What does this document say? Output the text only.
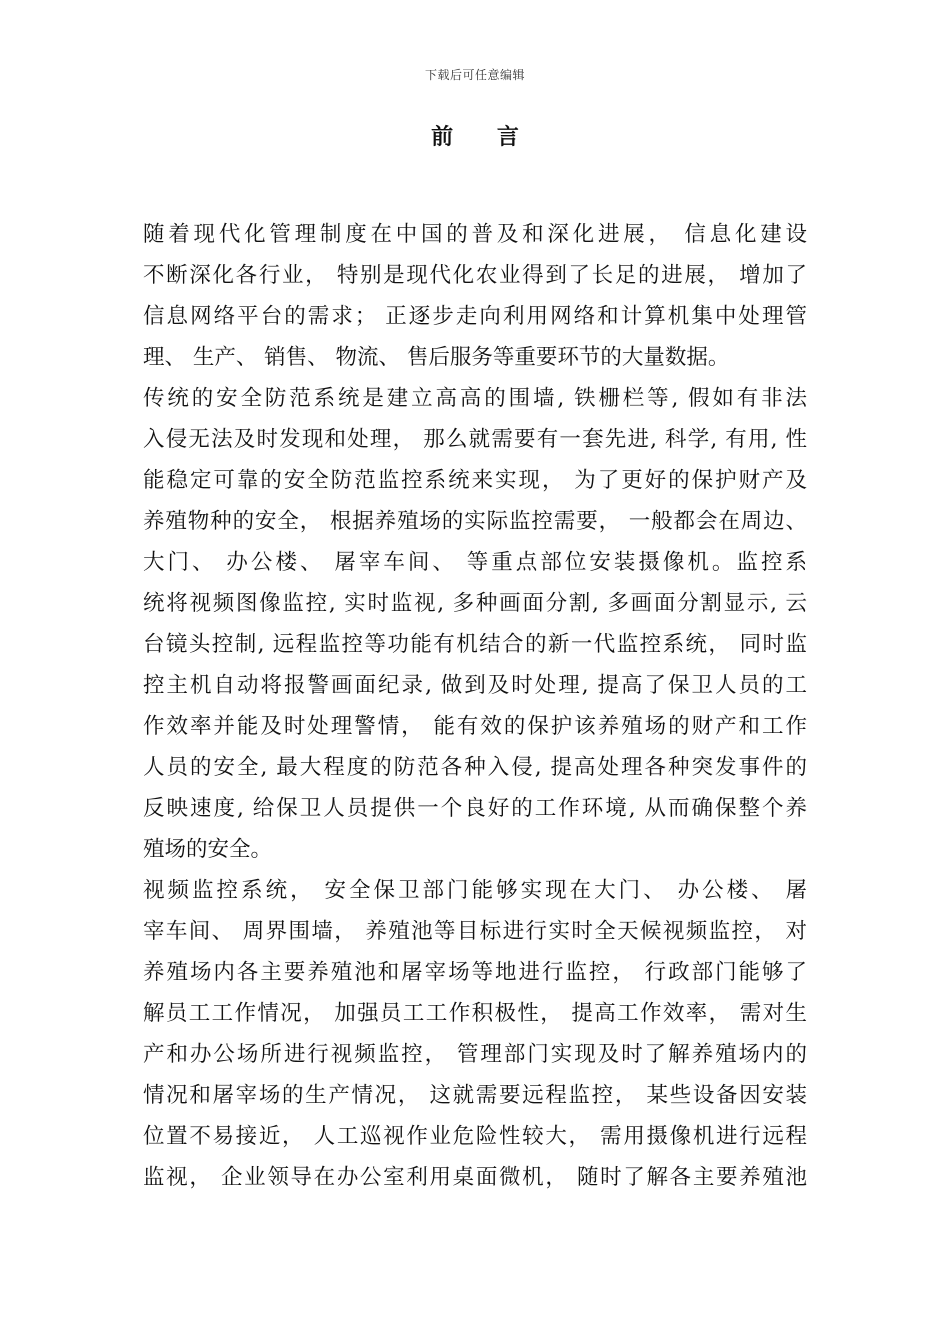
下载后可任意编辑
前 言
随着现代化管理制度在中国的普及和深化进展， 信息化建设
不断深化各行业， 特别是现代化农业得到了长足的进展， 增加了
信息网络平台的需求； 正逐步走向利用网络和计算机集中处理管
理、 生产、 销售、 物流、 售后服务等重要环节的大量数据。
传统的安全防范系统是建立高高的围墙, 铁栅栏等, 假如有非法
入侵无法及时发现和处理， 那么就需要有一套先进, 科学, 有用, 性
能稳定可靠的安全防范监控系统来实现， 为了更好的保护财产及
养殖物种的安全， 根据养殖场的实际监控需要， 一般都会在周边、
大门、 办公楼、 屠宰车间、 等重点部位安装摄像机。监控系
统将视频图像监控, 实时监视, 多种画面分割, 多画面分割显示, 云
台镜头控制, 远程监控等功能有机结合的新一代监控系统， 同时监
控主机自动将报警画面纪录, 做到及时处理, 提高了保卫人员的工
作效率并能及时处理警情， 能有效的保护该养殖场的财产和工作
人员的安全, 最大程度的防范各种入侵, 提高处理各种突发事件的
反映速度, 给保卫人员提供一个良好的工作环境, 从而确保整个养
殖场的安全。
视频监控系统， 安全保卫部门能够实现在大门、 办公楼、 屠
宰车间、 周界围墙， 养殖池等目标进行实时全天候视频监控， 对
养殖场内各主要养殖池和屠宰场等地进行监控， 行政部门能够了
解员工工作情况， 加强员工工作积极性， 提高工作效率， 需对生
产和办公场所进行视频监控， 管理部门实现及时了解养殖场内的
情况和屠宰场的生产情况， 这就需要远程监控， 某些设备因安装
位置不易接近， 人工巡视作业危险性较大， 需用摄像机进行远程
监视， 企业领导在办公室利用桌面微机， 随时了解各主要养殖池
